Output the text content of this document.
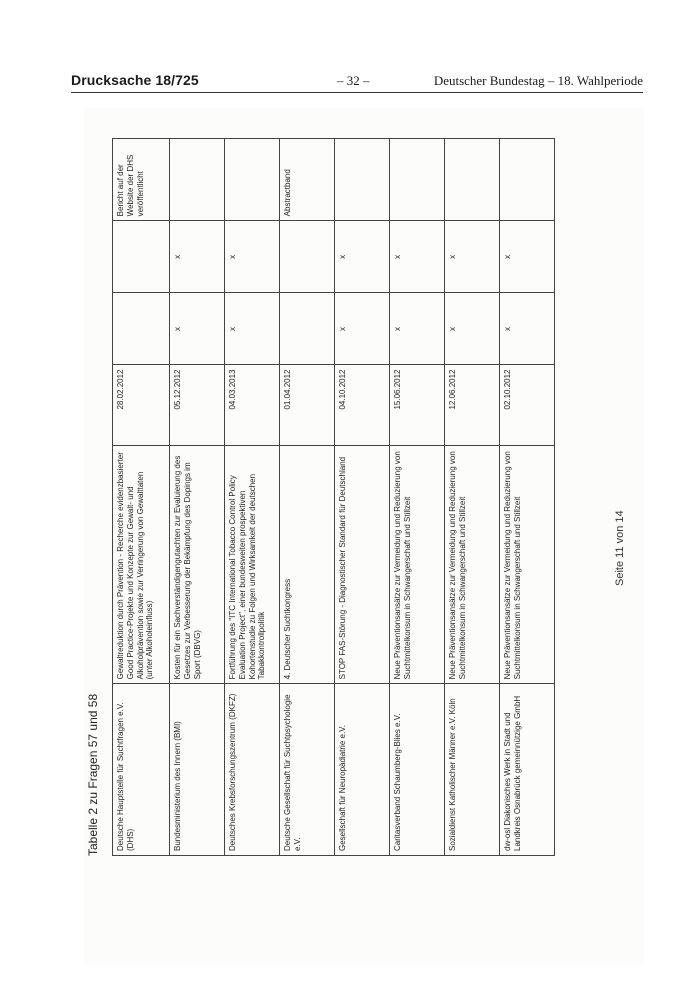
Drucksache 18/725	– 32 –	Deutscher Bundestag – 18. Wahlperiode
Tabelle 2 zu Fragen 57 und 58 Deutsche Hauptstelle für Suchtfragen e.V. (DHS)	Gewaltreduktion durch Prävention - Recherche evidenzbasierter Good Practice-Projekte und Konzepte zur Gewalt- und Alkoholprävention sowie zur Verringerung von Gewalttaten (unter Alkoholeinfluss)	28.02.2012			Bericht auf der Website der DHS veröffentlicht
Bundesministerium des Innern (BMI)	Kosten für ein Sachverständigengutachten zur Evaluierung des Gesetzes zur Verbesserung der Bekämpfung des Dopings im Sport (DBVG)	05.12.2012	x	x	
Deutsches Krebsforschungszentrum (DKFZ)	Fortführung des "ITC International Tobacco Control Policy Evaluation Project", einer bundesweiten prospektiven Kohortenstudie zu Folgen und Wirksamkeit der deutschen Tabakkontrollpolitik	04.03.2013	x	x	
Deutsche Gesellschaft für Suchtpsychologie e.V.	4. Deutscher Suchtkongress	01.04.2012			Abstractband
Gesellschaft für Neuropädiatrie e.V.	STOP FAS-Störung - Diagnostischer Standard für Deutschland	04.10.2012	x	x	
Caritasverband Schaumberg-Blies e.V.	Neue Präventionsansätze zur Vermeidung und Reduzierung von Suchtmittelkonsum in Schwangerschaft und Stillzeit	15.06.2012	x	x	
Sozialdienst Katholischer Männer e.V. Köln	Neue Präventionsansätze zur Vermeidung und Reduzierung von Suchtmittelkonsum in Schwangerschaft und Stillzeit	12.06.2012	x	x	
dw-osl Diakonisches Werk in Stadt und Landkreis Osnabrück gemeinnützige GmbH	Neue Präventionsansätze zur Vermeidung und Reduzierung von Suchtmittelkonsum in Schwangerschaft und Stillzeit	02.10.2012	x	x	
Seite 11 von 14
